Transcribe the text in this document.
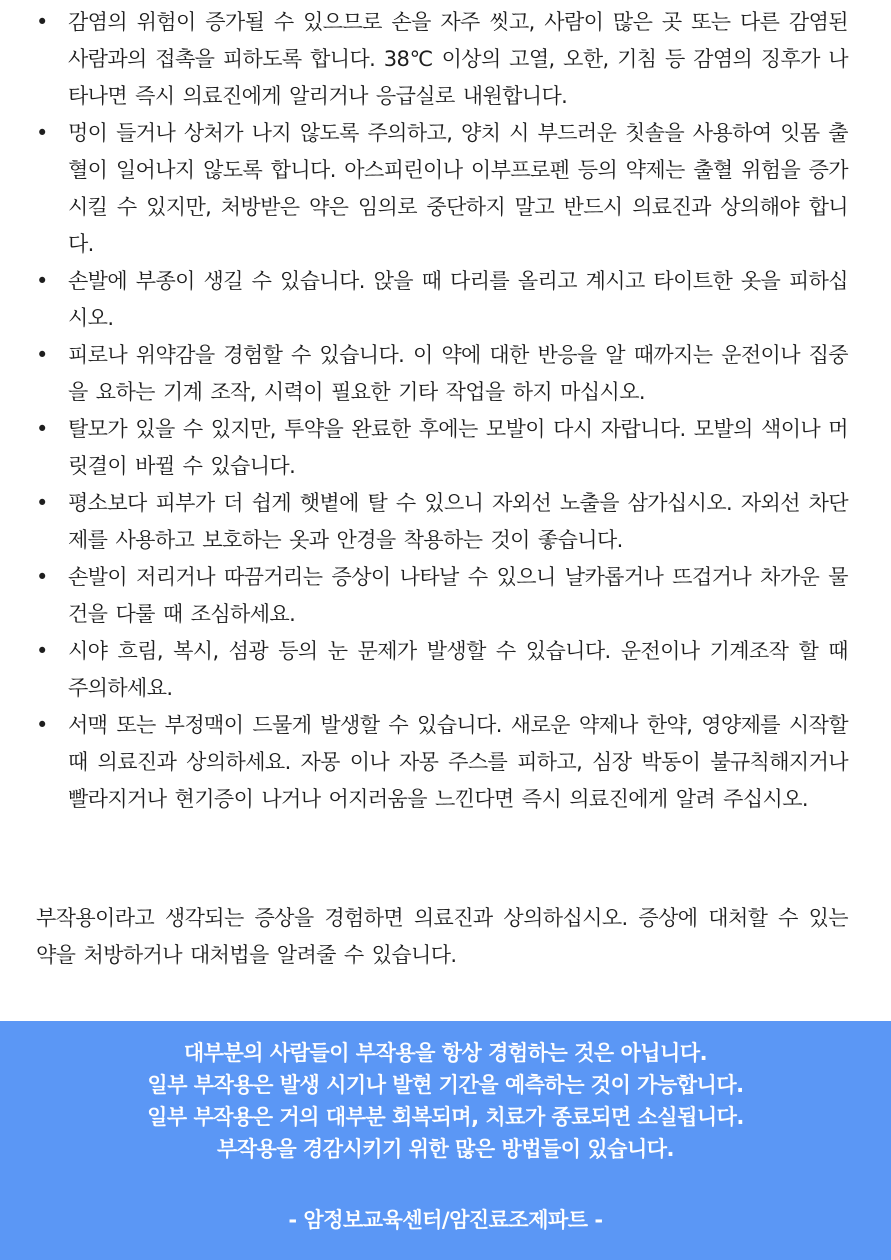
• 감염의 위험이 증가될 수 있으므로 손을 자주 씻고, 사람이 많은 곳 또는 다른 감염된 사람과의 접촉을 피하도록 합니다. 38℃ 이상의 고열, 오한, 기침 등 감염의 징후가 나타나면 즉시 의료진에게 알리거나 응급실로 내원합니다.
• 멍이 들거나 상처가 나지 않도록 주의하고, 양치 시 부드러운 칫솔을 사용하여 잇몸 출혈이 일어나지 않도록 합니다. 아스피린이나 이부프로펜 등의 약제는 출혈 위험을 증가시킬 수 있지만, 처방받은 약은 임의로 중단하지 말고 반드시 의료진과 상의해야 합니다.
• 손발에 부종이 생길 수 있습니다. 앉을 때 다리를 올리고 계시고 타이트한 옷을 피하십시오.
• 피로나 위약감을 경험할 수 있습니다. 이 약에 대한 반응을 알 때까지는 운전이나 집중을 요하는 기계 조작, 시력이 필요한 기타 작업을 하지 마십시오.
• 탈모가 있을 수 있지만, 투약을 완료한 후에는 모발이 다시 자랍니다. 모발의 색이나 머릿결이 바뀔 수 있습니다.
• 평소보다 피부가 더 쉽게 햇볕에 탈 수 있으니 자외선 노출을 삼가십시오. 자외선 차단제를 사용하고 보호하는 옷과 안경을 착용하는 것이 좋습니다.
• 손발이 저리거나 따끔거리는 증상이 나타날 수 있으니 날카롭거나 뜨겁거나 차가운 물건을 다룰 때 조심하세요.
• 시야 흐림, 복시, 섬광 등의 눈 문제가 발생할 수 있습니다. 운전이나 기계조작 할 때 주의하세요.
• 서맥 또는 부정맥이 드물게 발생할 수 있습니다. 새로운 약제나 한약, 영양제를 시작할 때 의료진과 상의하세요. 자몽 이나 자몽 주스를 피하고, 심장 박동이 불규칙해지거나 빨라지거나 현기증이 나거나 어지러움을 느낀다면 즉시 의료진에게 알려 주십시오.

부작용이라고 생각되는 증상을 경험하면 의료진과 상의하십시오. 증상에 대처할 수 있는 약을 처방하거나 대처법을 알려줄 수 있습니다.

대부분의 사람들이 부작용을 항상 경험하는 것은 아닙니다.
일부 부작용은 발생 시기나 발현 기간을 예측하는 것이 가능합니다.
일부 부작용은 거의 대부분 회복되며, 치료가 종료되면 소실됩니다.
부작용을 경감시키기 위한 많은 방법들이 있습니다.
- 암정보교육센터/암진료조제파트 -
